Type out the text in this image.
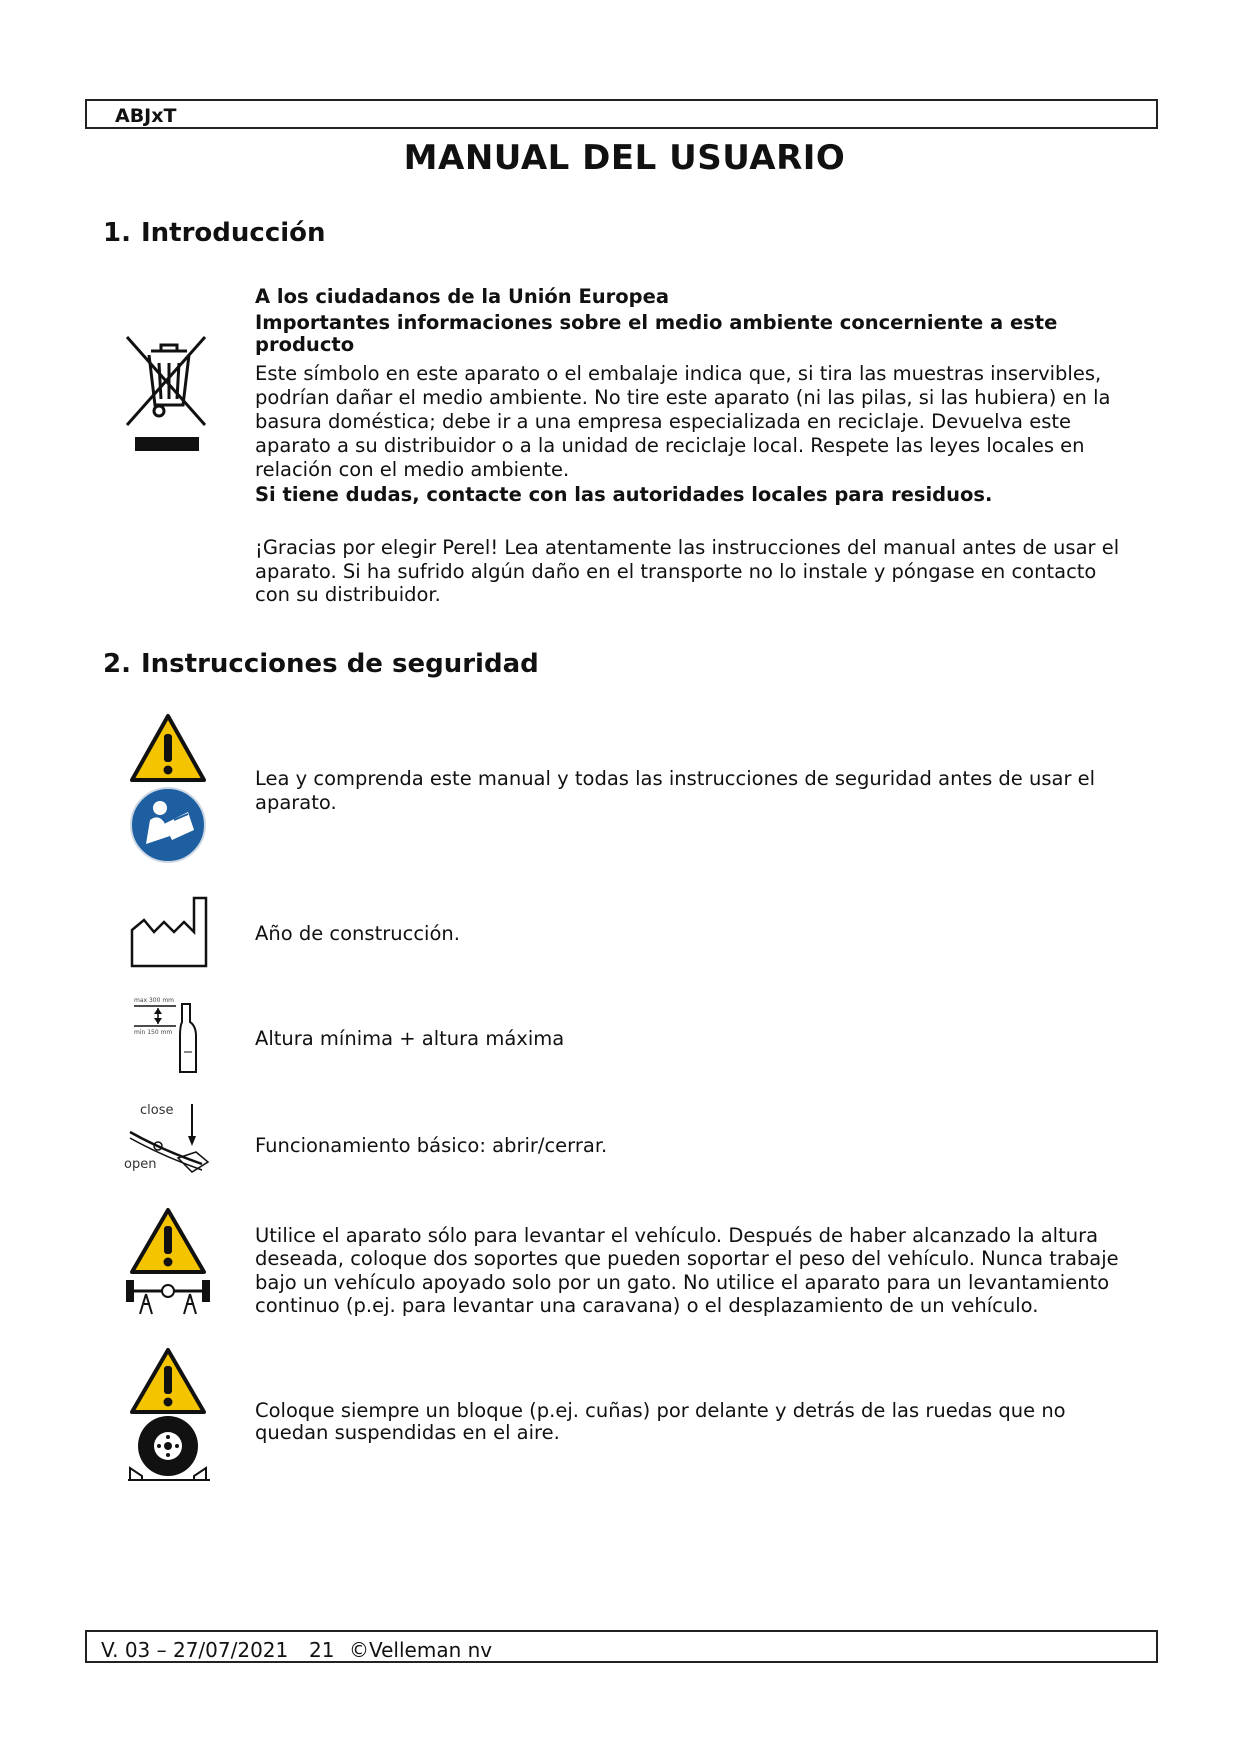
ABJxT
MANUAL DEL USUARIO
1. Introducción
A los ciudadanos de la Unión Europea
Importantes informaciones sobre el medio ambiente concerniente a este producto
Este símbolo en este aparato o el embalaje indica que, si tira las muestras inservibles, podrían dañar el medio ambiente. No tire este aparato (ni las pilas, si las hubiera) en la basura doméstica; debe ir a una empresa especializada en reciclaje. Devuelva este aparato a su distribuidor o a la unidad de reciclaje local. Respete las leyes locales en relación con el medio ambiente.
Si tiene dudas, contacte con las autoridades locales para residuos.
¡Gracias por elegir Perel! Lea atentamente las instrucciones del manual antes de usar el aparato. Si ha sufrido algún daño en el transporte no lo instale y póngase en contacto con su distribuidor.
2. Instrucciones de seguridad
Lea y comprenda este manual y todas las instrucciones de seguridad antes de usar el aparato.
Año de construcción.
max 300 mm
min 150 mm	Altura mínima + altura máxima
close
open
Funcionamiento básico: abrir/cerrar.
Utilice el aparato sólo para levantar el vehículo. Después de haber alcanzado la altura deseada, coloque dos soportes que pueden soportar el peso del vehículo. Nunca trabaje bajo un vehículo apoyado solo por un gato. No utilice el aparato para un levantamiento continuo (p.ej. para levantar una caravana) o el desplazamiento de un vehículo.
Coloque siempre un bloque (p.ej. cuñas) por delante y detrás de las ruedas que no quedan suspendidas en el aire.
V. 03 – 27/07/2021 21 ©Velleman nv
